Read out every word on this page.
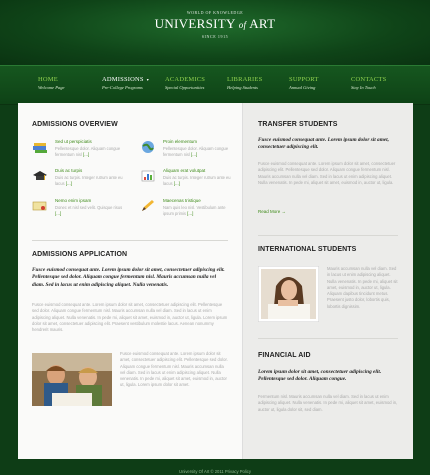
WORLD OF KNOWLEDGE
UNIVERSITY of ART
SINCE 1915
HOME
Welcome Page
ADMISSIONS ▾
Pre-College Programs
ACADEMICS
Special Opportunities
LIBRARIES
Helping Students
SUPPORT
Annual Giving
CONTACTS
Stay In Touch
ADMISSIONS OVERVIEW
Sed ut perspiciatis
Pellentesque dolor. Aliquam congue fermentum nisl [...]
Proin elementum
Pellentesque dolor. Aliquam congue fermentum nisl [...]
Duis ac turpis
Duis ac turpis. Integer rutrum ante eu lacus [...]
Aliquam erat volutpat
Duis ac turpis. Integer rutrum ante eu lacus [...]
Nemo enim ipsam
Donec et nisl sed velit. Quisque risus [...]
Maecenas tristique
Nam quis leo nisl. Vestibulum ante ipsum primis [...]
ADMISSIONS APPLICATION
Fusce euismod consequat ante. Lorem ipsum dolor sit amet, consectetuer adipiscing elit. Pellentesque sed dolor. Aliquam congue fermentum nisl. Mauris accumsan nulla vel diam. Sed in lacus ut enim adipiscing aliquet. Nulla venenatis.
Fusce euismod consequat ante. Lorem ipsum dolor sit amet, consectetuer adipiscing elit. Pellentesque sed dolor. Aliquam congue fermentum nisl. Mauris accumsan nulla vel diam. Sed in lacus ut enim adipiscing aliquet. Nulla venenatis. In pede mi, aliquet sit amet, euismod in, auctor ut, ligula. Lorem ipsum dolor sit amet, consectetuer adipiscing elit. Praesent vestibulum molestie lacus. Aenean nonummy hendrerit mauris.
Fusce euismod consequat ante. Lorem ipsum dolor sit amet, consectetuer adipiscing elit. Pellentesque sed dolor. Aliquam congue fermentum nisl. Mauris accumsan nulla vel diam. Sed in lacus ut enim adipiscing aliquet. Nulla venenatis. In pede mi, aliquet sit amet, euismod in, auctor ut, ligula. Lorem ipsum dolor sit amet.
TRANSFER STUDENTS
Fusce euismod consequat ante. Lorem ipsum dolor sit amet, consectetuer adipiscing elit.
Fusce euismod consequat ante. Lorem ipsum dolor sit amet, consectetuer adipiscing elit. Pellentesque sed dolor. Aliquam congue fermentum nisl. Mauris accumsan nulla vel diam. Sed in lacus ut enim adipiscing aliquet. Nulla venenatis. In pede mi, aliquet sit amet, euismod in, auctor ut, ligula.
Read More →
INTERNATIONAL STUDENTS
Mauris accumsan nulla vel diam. Sed in lacus ut enim adipiscing aliquet. Nulla venenatis. In pede mi, aliquet sit amet, euismod in, auctor ut, ligula. Aliquam dapibus tincidunt metus. Praesent justo dolor, lobortis quis, lobortis dignissim.
FINANCIAL AID
Lorem ipsum dolor sit amet, consectetuer adipiscing elit. Pellentesque sed dolor. Aliquam congue.
Fermentum nisl. Mauris accumsan nulla vel diam. Sed in lacus ut enim adipiscing aliquet. Nulla venenatis. In pede mi, aliquet sit amet, euismod in, auctor ut, ligula dolor sit, sed diam.
University Of Art © 2011 Privacy Policy
